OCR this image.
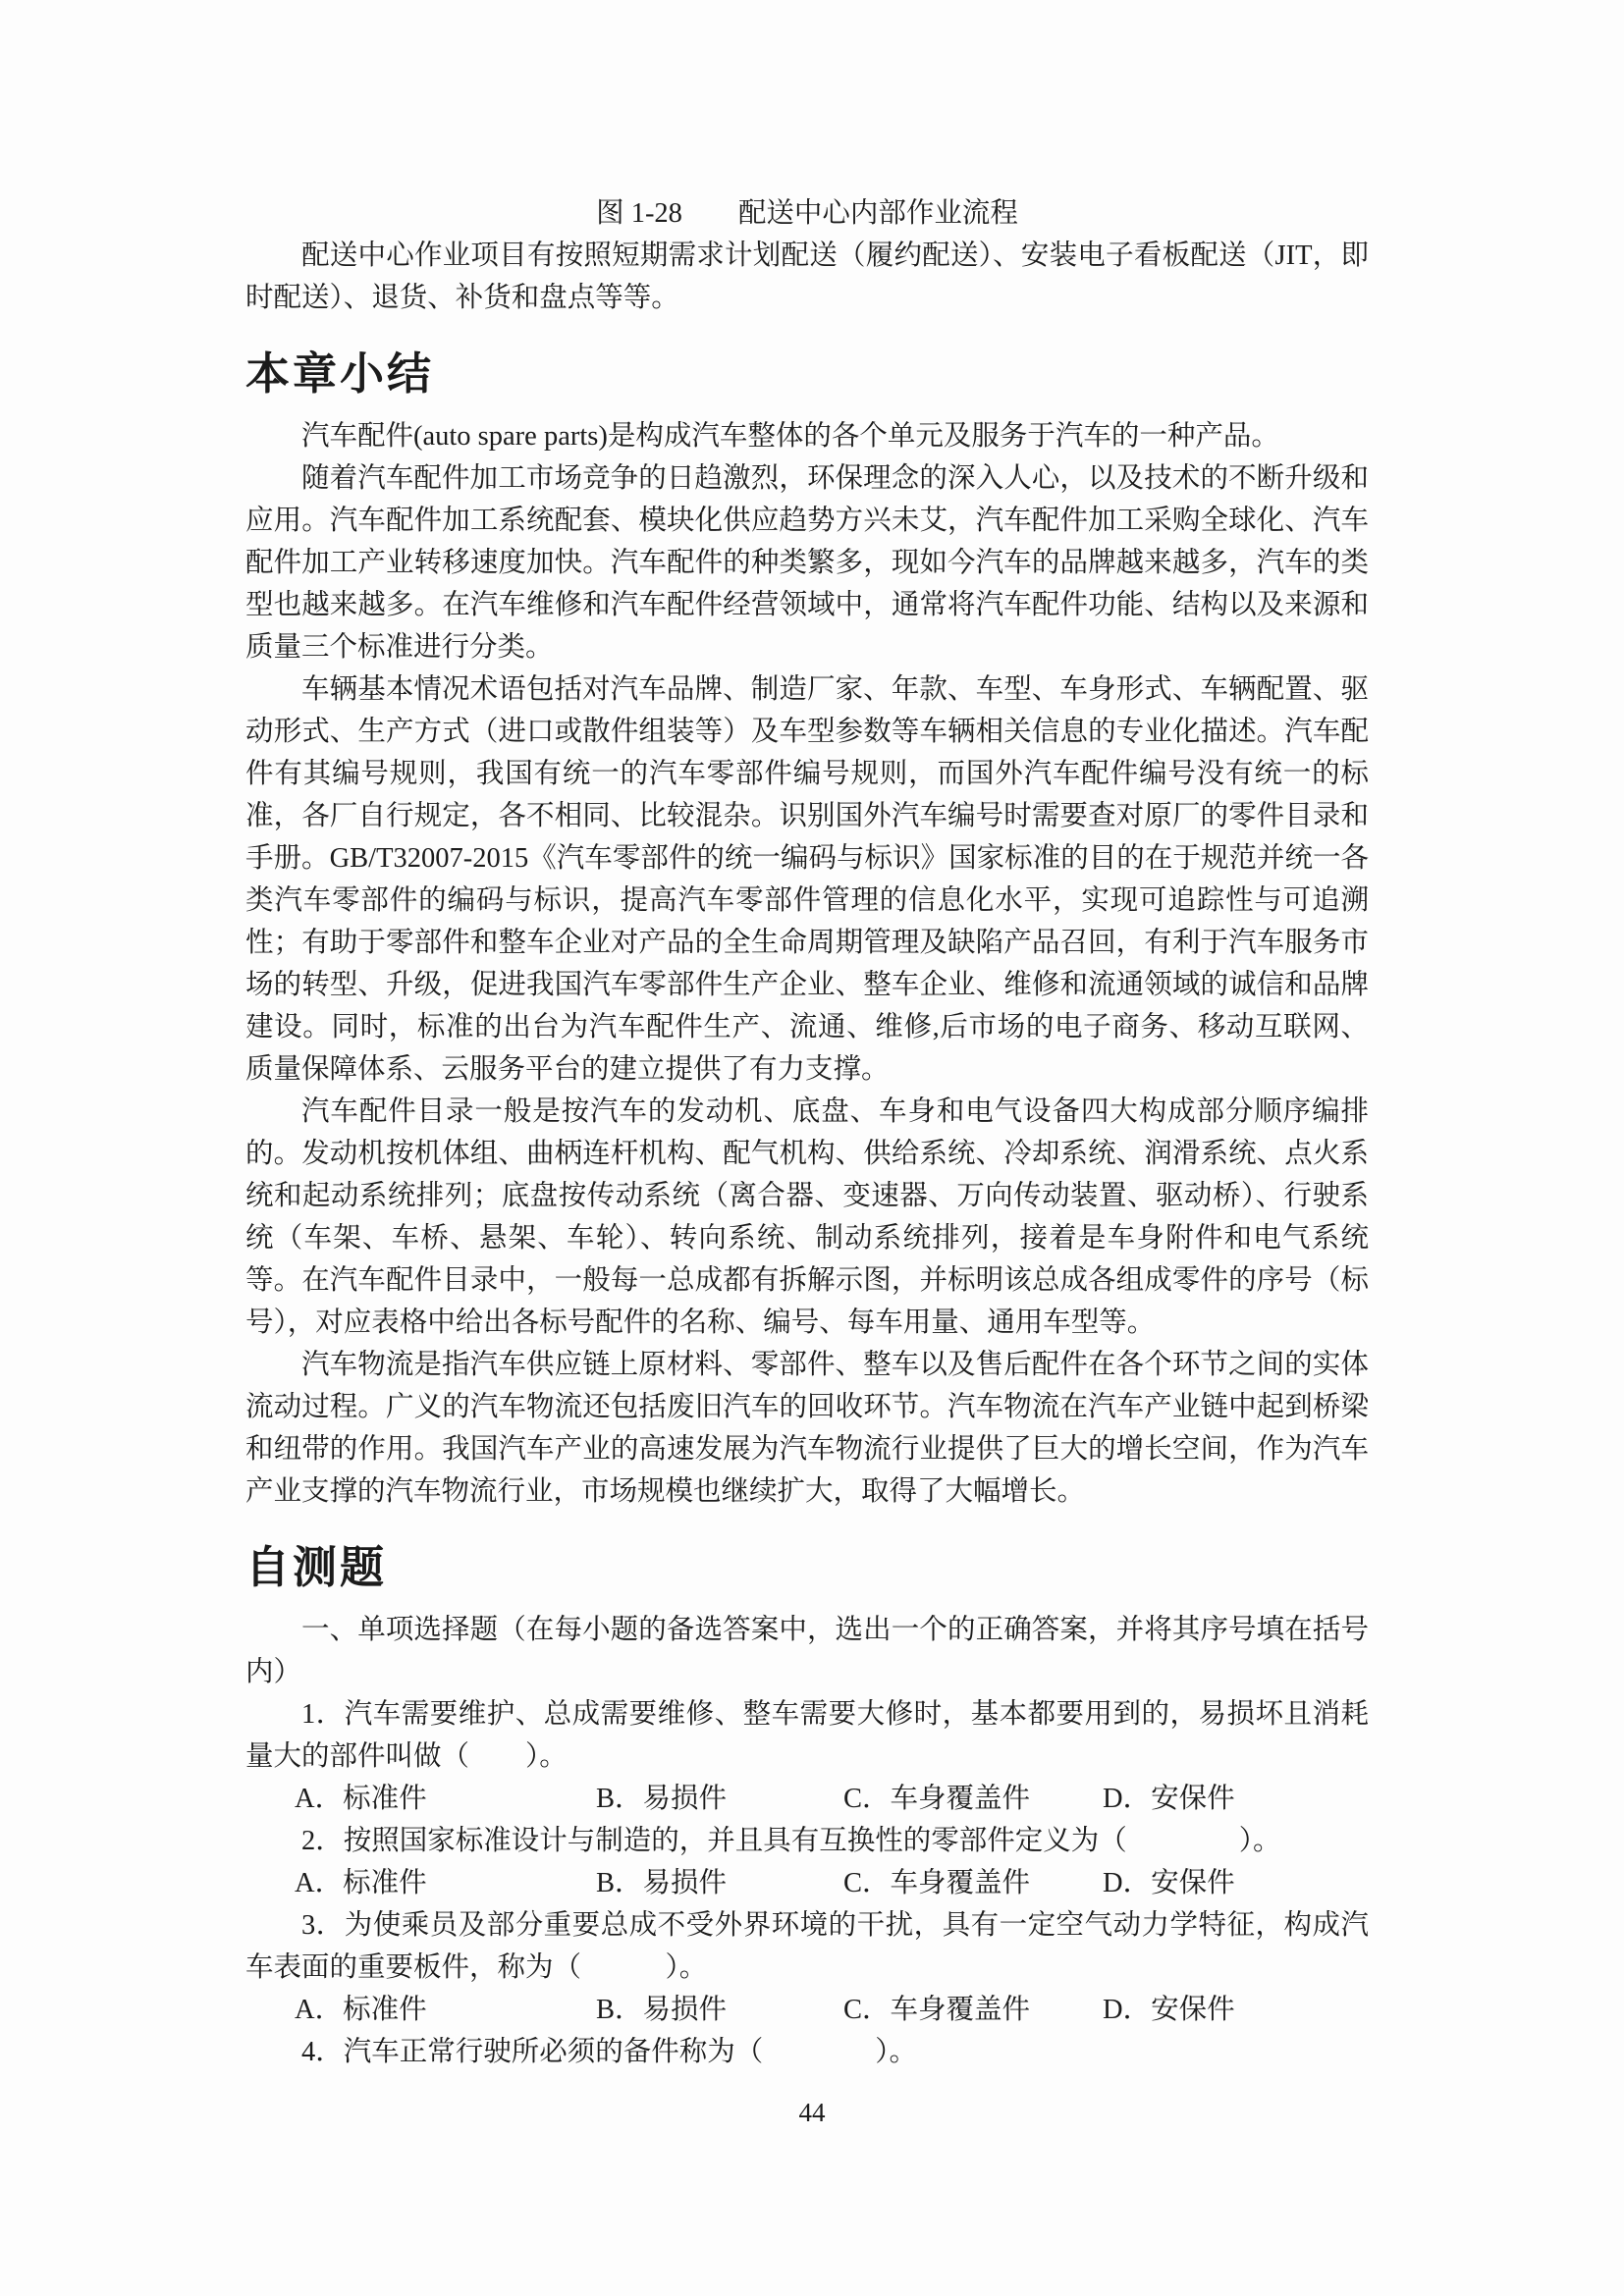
图 1-28　　配送中心内部作业流程

配送中心作业项目有按照短期需求计划配送（履约配送）、安装电子看板配送（JIT，即时配送）、退货、补货和盘点等等。

本章小结

汽车配件(auto spare parts)是构成汽车整体的各个单元及服务于汽车的一种产品。

随着汽车配件加工市场竞争的日趋激烈，环保理念的深入人心，以及技术的不断升级和应用。汽车配件加工系统配套、模块化供应趋势方兴未艾，汽车配件加工采购全球化、汽车配件加工产业转移速度加快。汽车配件的种类繁多，现如今汽车的品牌越来越多，汽车的类型也越来越多。在汽车维修和汽车配件经营领域中，通常将汽车配件功能、结构以及来源和质量三个标准进行分类。

车辆基本情况术语包括对汽车品牌、制造厂家、年款、车型、车身形式、车辆配置、驱动形式、生产方式（进口或散件组装等）及车型参数等车辆相关信息的专业化描述。汽车配件有其编号规则，我国有统一的汽车零部件编号规则，而国外汽车配件编号没有统一的标准，各厂自行规定，各不相同、比较混杂。识别国外汽车编号时需要查对原厂的零件目录和手册。GB/T32007-2015《汽车零部件的统一编码与标识》国家标准的目的在于规范并统一各类汽车零部件的编码与标识，提高汽车零部件管理的信息化水平，实现可追踪性与可追溯性；有助于零部件和整车企业对产品的全生命周期管理及缺陷产品召回，有利于汽车服务市场的转型、升级，促进我国汽车零部件生产企业、整车企业、维修和流通领域的诚信和品牌建设。同时，标准的出台为汽车配件生产、流通、维修,后市场的电子商务、移动互联网、质量保障体系、云服务平台的建立提供了有力支撑。

汽车配件目录一般是按汽车的发动机、底盘、车身和电气设备四大构成部分顺序编排的。发动机按机体组、曲柄连杆机构、配气机构、供给系统、冷却系统、润滑系统、点火系统和起动系统排列；底盘按传动系统（离合器、变速器、万向传动装置、驱动桥）、行驶系统（车架、车桥、悬架、车轮）、转向系统、制动系统排列，接着是车身附件和电气系统等。在汽车配件目录中，一般每一总成都有拆解示图，并标明该总成各组成零件的序号（标号），对应表格中给出各标号配件的名称、编号、每车用量、通用车型等。

汽车物流是指汽车供应链上原材料、零部件、整车以及售后配件在各个环节之间的实体流动过程。广义的汽车物流还包括废旧汽车的回收环节。汽车物流在汽车产业链中起到桥梁和纽带的作用。我国汽车产业的高速发展为汽车物流行业提供了巨大的增长空间，作为汽车产业支撑的汽车物流行业，市场规模也继续扩大，取得了大幅增长。

自测题

一、单项选择题（在每小题的备选答案中，选出一个的正确答案，并将其序号填在括号内）

1．汽车需要维护、总成需要维修、整车需要大修时，基本都要用到的，易损坏且消耗量大的部件叫做（　　）。

A．标准件	B．易损件	C．车身覆盖件	D．安保件

2．按照国家标准设计与制造的，并且具有互换性的零部件定义为（　　　　）。

A．标准件	B．易损件	C．车身覆盖件	D．安保件

3．为使乘员及部分重要总成不受外界环境的干扰，具有一定空气动力学特征，构成汽车表面的重要板件，称为（　　　）。

A．标准件	B．易损件	C．车身覆盖件	D．安保件

4．汽车正常行驶所必须的备件称为（　　　　）。

44
